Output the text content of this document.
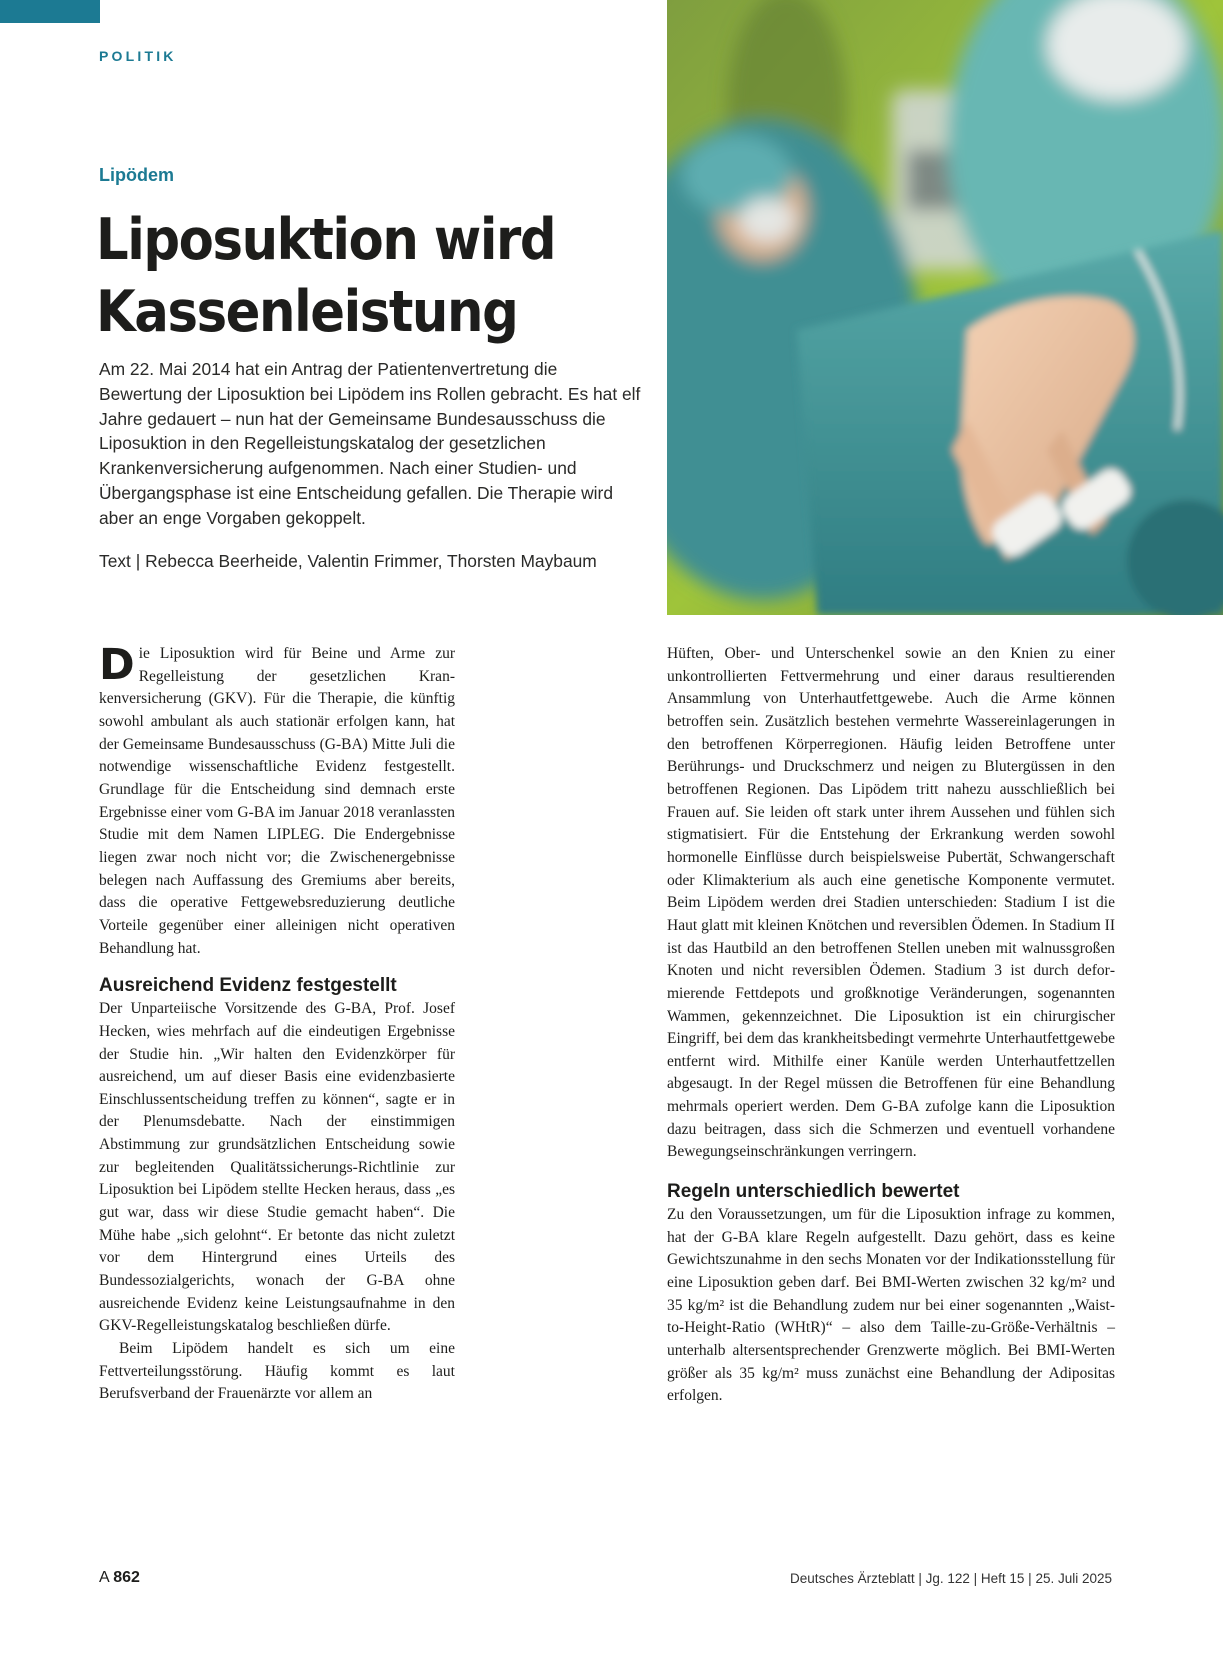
POLITIK
Lipödem
Liposuktion wird
Kassenleistung

Am 22. Mai 2014 hat ein Antrag der Patientenvertretung die Bewertung der Liposuktion bei Lipödem ins Rollen gebracht. Es hat elf Jahre gedauert – nun hat der Gemeinsame Bundesausschuss die Liposuktion in den Regelleistungskatalog der gesetzlichen Krankenversicherung aufgenommen. Nach einer Studien- und Übergangsphase ist eine Entscheidung gefallen. Die Therapie wird aber an enge Vorgaben gekoppelt.

Text | Rebecca Beerheide, Valentin Frimmer, Thorsten Maybaum

Die Liposuktion wird für Beine und Arme zur Regelleistung der gesetzlichen Krankenversicherung (GKV). Für die Therapie, die künftig sowohl ambulant als auch stationär erfolgen kann, hat der Gemeinsame Bundesausschuss (G-BA) Mitte Juli die notwendige wissenschaftliche Evidenz festgestellt. Grundlage für die Entscheidung sind demnach erste Ergebnisse einer vom G-BA im Januar 2018 veranlassten Studie mit dem Namen LIPLEG. Die Endergebnisse liegen zwar noch nicht vor; die Zwischenergebnisse belegen nach Auffassung des Gremiums aber bereits, dass die operative Fettgewebsreduzierung deutliche Vorteile gegenüber einer alleinigen nicht operativen Behandlung hat.

Ausreichend Evidenz festgestellt

Der Unparteiische Vorsitzende des G-BA, Prof. Josef Hecken, wies mehrfach auf die eindeutigen Ergebnisse der Studie hin. „Wir halten den Evidenzkörper für ausreichend, um auf dieser Basis eine evidenzbasierte Einschlussentscheidung treffen zu können“, sagte er in der Plenumsdebatte. Nach der einstimmigen Abstimmung zur grundsätzlichen Entscheidung sowie zur begleitenden Qualitätssicherungs-Richtlinie zur Liposuktion bei Lipödem stellte Hecken heraus, dass „es gut war, dass wir diese Studie gemacht haben“. Die Mühe habe „sich gelohnt“. Er betonte das nicht zuletzt vor dem Hintergrund eines Urteils des Bundessozialgerichts, wonach der G-BA ohne ausreichende Evidenz keine Leistungsaufnahme in den GKV-Regelleistungskatalog beschließen dürfe.

Beim Lipödem handelt es sich um eine Fettverteilungsstörung. Häufig kommt es laut Berufsverband der Frauenärzte vor allem an

Hüften, Ober- und Unterschenkel sowie an den Knien zu einer unkontrollierten Fettvermehrung und einer daraus resultierenden Ansammlung von Unterhautfettgewebe. Auch die Arme können betroffen sein. Zusätzlich bestehen vermehrte Wassereinlagerungen in den betroffenen Körperregionen. Häufig leiden Betroffene unter Berührungs- und Druckschmerz und neigen zu Blutergüssen in den betroffenen Regionen. Das Lipödem tritt nahezu ausschließlich bei Frauen auf. Sie leiden oft stark unter ihrem Aussehen und fühlen sich stigmatisiert. Für die Entstehung der Erkrankung werden sowohl hormonelle Einflüsse durch beispielsweise Pubertät, Schwangerschaft oder Klimakterium als auch eine genetische Komponente vermutet. Beim Lipödem werden drei Stadien unterschieden: Stadium I ist die Haut glatt mit kleinen Knötchen und reversiblen Ödemen. In Stadium II ist das Hautbild an den betroffenen Stellen uneben mit walnussgroßen Knoten und nicht reversiblen Ödemen. Stadium 3 ist durch deformierende Fettdepots und großknotige Veränderungen, sogenannten Wammen, gekennzeichnet. Die Liposuktion ist ein chirurgischer Eingriff, bei dem das krankheitsbedingt vermehrte Unterhautfettgewebe entfernt wird. Mithilfe einer Kanüle werden Unterhautfettzellen abgesaugt. In der Regel müssen die Betroffenen für eine Behandlung mehrmals operiert werden. Dem G-BA zufolge kann die Liposuktion dazu beitragen, dass sich die Schmerzen und eventuell vorhandene Bewegungseinschränkungen verringern.

Regeln unterschiedlich bewertet

Zu den Voraussetzungen, um für die Liposuktion infrage zu kommen, hat der G-BA klare Regeln aufgestellt. Dazu gehört, dass es keine Gewichtszunahme in den sechs Monaten vor der Indikationsstellung für eine Liposuktion geben darf. Bei BMI-Werten zwischen 32 kg/m² und 35 kg/m² ist die Behandlung zudem nur bei einer sogenannten „Waist-to-Height-Ratio (WHtR)“ – also dem Taille-zu-Größe-Verhältnis – unterhalb altersentsprechender Grenzwerte möglich. Bei BMI-Werten größer als 35 kg/m² muss zunächst eine Behandlung der Adipositas erfolgen.

A 862	Deutsches Ärzteblatt | Jg. 122 | Heft 15 | 25. Juli 2025
